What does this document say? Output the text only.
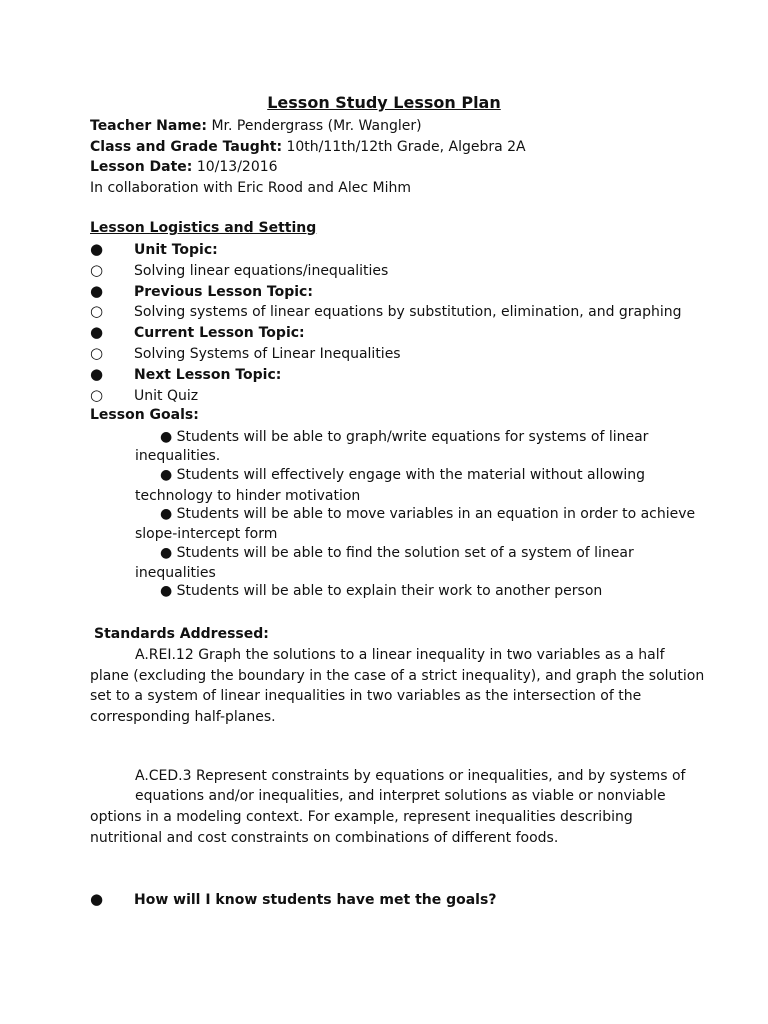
Lesson Study Lesson Plan
Teacher Name: Mr. Pendergrass (Mr. Wangler)
Class and Grade Taught: 10th/11th/12th Grade, Algebra 2A
Lesson Date: 10/13/2016
In collaboration with Eric Rood and Alec Mihm
Lesson Logistics and Setting
● Unit Topic:
○ Solving linear equations/inequalities
● Previous Lesson Topic:
○ Solving systems of linear equations by substitution, elimination, and graphing
● Current Lesson Topic:
○ Solving Systems of Linear Inequalities
● Next Lesson Topic:
○ Unit Quiz
Lesson Goals:
● Students will be able to graph/write equations for systems of linear
inequalities.
● Students will effectively engage with the material without allowing
technology to hinder motivation
● Students will be able to move variables in an equation in order to achieve
slope-intercept form
● Students will be able to find the solution set of a system of linear
inequalities
● Students will be able to explain their work to another person
Standards Addressed:
A.REI.12 Graph the solutions to a linear inequality in two variables as a half
plane (excluding the boundary in the case of a strict inequality), and graph the solution
set to a system of linear inequalities in two variables as the intersection of the
corresponding half-planes.
A.CED.3 Represent constraints by equations or inequalities, and by systems of
equations and/or inequalities, and interpret solutions as viable or nonviable
options in a modeling context. For example, represent inequalities describing
nutritional and cost constraints on combinations of different foods.
● How will I know students have met the goals?
